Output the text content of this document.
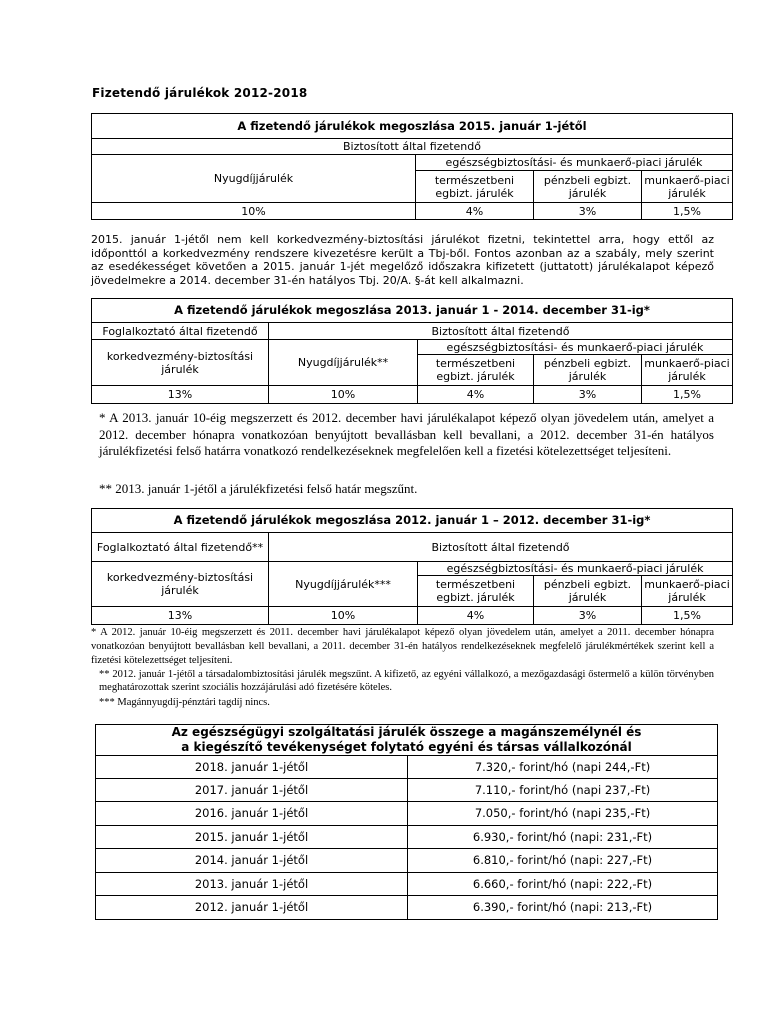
Fizetendő járulékok 2012-2018
A fizetendő járulékok megoszlása 2015. január 1-jétől			
Biztosított által fizetendő			
Nyugdíjjárulék	egészségbiztosítási- és munkaerő-piaci járulék		
	természetbeni egbizt. járulék	pénzbeli egbizt. járulék	munkaerő-piaci járulék
10%	4%	3%	1,5%
2015. január 1-jétől nem kell korkedvezmény-biztosítási járulékot fizetni, tekintettel arra, hogy ettől az időponttól a korkedvezmény rendszere kivezetésre került a Tbj-ből. Fontos azonban az a szabály, mely szerint az esedékességet követően a 2015. január 1-jét megelőző időszakra kifizetett (juttatott) járulékalapot képező jövedelmekre a 2014. december 31-én hatályos Tbj. 20/A. §-át kell alkalmazni.
A fizetendő járulékok megoszlása 2013. január 1 - 2014. december 31-ig*				
Foglalkoztató által fizetendő	Biztosított által fizetendő			
korkedvezmény-biztosítási járulék	Nyugdíjjárulék**	egészségbiztosítási- és munkaerő-piaci járulék		
		természetbeni egbizt. járulék	pénzbeli egbizt. járulék	munkaerő-piaci járulék
13%	10%	4%	3%	1,5%
* A 2013. január 10-éig megszerzett és 2012. december havi járulékalapot képező olyan jövedelem után, amelyet a 2012. december hónapra vonatkozóan benyújtott bevallásban kell bevallani, a 2012. december 31-én hatályos járulékfizetési felső határra vonatkozó rendelkezéseknek megfelelően kell a fizetési kötelezettséget teljesíteni.
** 2013. január 1-jétől a járulékfizetési felső határ megszűnt.
A fizetendő járulékok megoszlása 2012. január 1 – 2012. december 31-ig*				
Foglalkoztató által fizetendő**	Biztosított által fizetendő			
korkedvezmény-biztosítási járulék	Nyugdíjjárulék***	egészségbiztosítási- és munkaerő-piaci járulék		
		természetbeni egbizt. járulék	pénzbeli egbizt. járulék	munkaerő-piaci járulék
13%	10%	4%	3%	1,5%
* A 2012. január 10-éig megszerzett és 2011. december havi járulékalapot képező olyan jövedelem után, amelyet a 2011. december hónapra vonatkozóan benyújtott bevallásban kell bevallani, a 2011. december 31-én hatályos rendelkezéseknek megfelelő járulékmértékek szerint kell a fizetési kötelezettséget teljesíteni.
** 2012. január 1-jétől a társadalombiztosítási járulék megszűnt. A kifizető, az egyéni vállalkozó, a mezőgazdasági őstermelő a külön törvényben meghatározottak szerint szociális hozzájárulási adó fizetésére köteles.
*** Magánnyugdíj-pénztári tagdíj nincs.
Az egészségügyi szolgáltatási járulék összege a magánszemélynél és
a kiegészítő tevékenységet folytató egyéni és társas vállalkozónál	

2018. január 1-jétől	7.320,- forint/hó (napi 244,-Ft)
2017. január 1-jétől	7.110,- forint/hó (napi 237,-Ft)
2016. január 1-jétől	7.050,- forint/hó (napi 235,-Ft)
2015. január 1-jétől	6.930,- forint/hó (napi: 231,-Ft)
2014. január 1-jétől	6.810,- forint/hó (napi: 227,-Ft)
2013. január 1-jétől	6.660,- forint/hó (napi: 222,-Ft)
2012. január 1-jétől	6.390,- forint/hó (napi: 213,-Ft)
